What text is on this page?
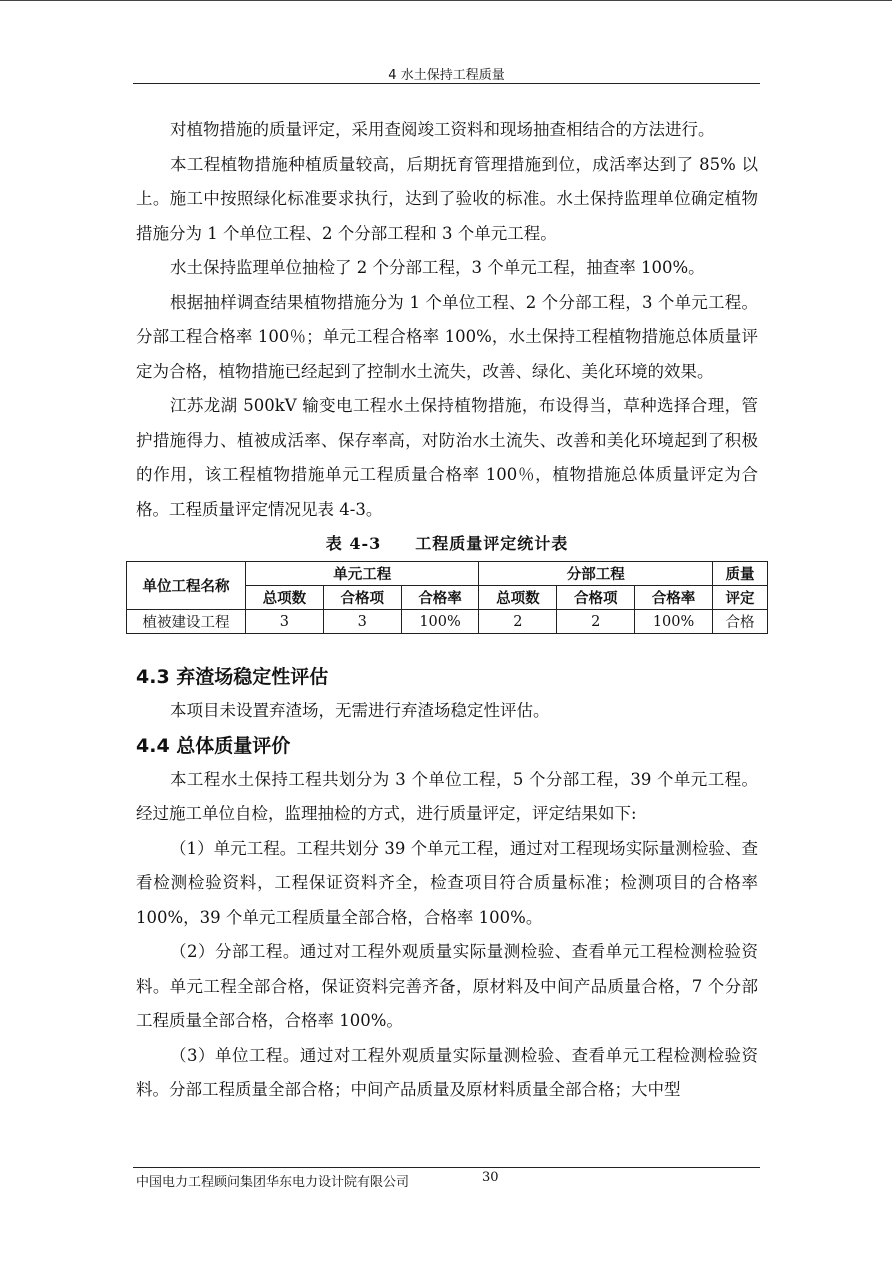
4 水土保持工程质量

对植物措施的质量评定，采用查阅竣工资料和现场抽查相结合的方法进行。

本工程植物措施种植质量较高，后期抚育管理措施到位，成活率达到了 85% 以上。施工中按照绿化标准要求执行，达到了验收的标准。水土保持监理单位确定植物措施分为 1 个单位工程、2 个分部工程和 3 个单元工程。

水土保持监理单位抽检了 2 个分部工程，3 个单元工程，抽查率 100%。

根据抽样调查结果植物措施分为 1 个单位工程、2 个分部工程，3 个单元工程。分部工程合格率 100％；单元工程合格率 100%，水土保持工程植物措施总体质量评定为合格，植物措施已经起到了控制水土流失，改善、绿化、美化环境的效果。

江苏龙湖 500kV 输变电工程水土保持植物措施，布设得当，草种选择合理，管护措施得力、植被成活率、保存率高，对防治水土流失、改善和美化环境起到了积极的作用，该工程植物措施单元工程质量合格率 100％，植物措施总体质量评定为合格。工程质量评定情况见表 4-3。

表 4-3　　工程质量评定统计表
单位工程名称	单元工程			分部工程			质量
	总项数	合格项	合格率	总项数	合格项	合格率	评定
植被建设工程	3	3	100%	2	2	100%	合格
4.3 弃渣场稳定性评估

本项目未设置弃渣场，无需进行弃渣场稳定性评估。

4.4 总体质量评价

本工程水土保持工程共划分为 3 个单位工程，5 个分部工程，39 个单元工程。经过施工单位自检，监理抽检的方式，进行质量评定，评定结果如下:

（1）单元工程。工程共划分 39 个单元工程，通过对工程现场实际量测检验、查看检测检验资料，工程保证资料齐全，检查项目符合质量标准；检测项目的合格率 100%，39 个单元工程质量全部合格，合格率 100%。

（2）分部工程。通过对工程外观质量实际量测检验、查看单元工程检测检验资料。单元工程全部合格，保证资料完善齐备，原材料及中间产品质量合格，7 个分部工程质量全部合格，合格率 100%。

（3）单位工程。通过对工程外观质量实际量测检验、查看单元工程检测检验资料。分部工程质量全部合格；中间产品质量及原材料质量全部合格；大中型

中国电力工程顾问集团华东电力设计院有限公司	30
